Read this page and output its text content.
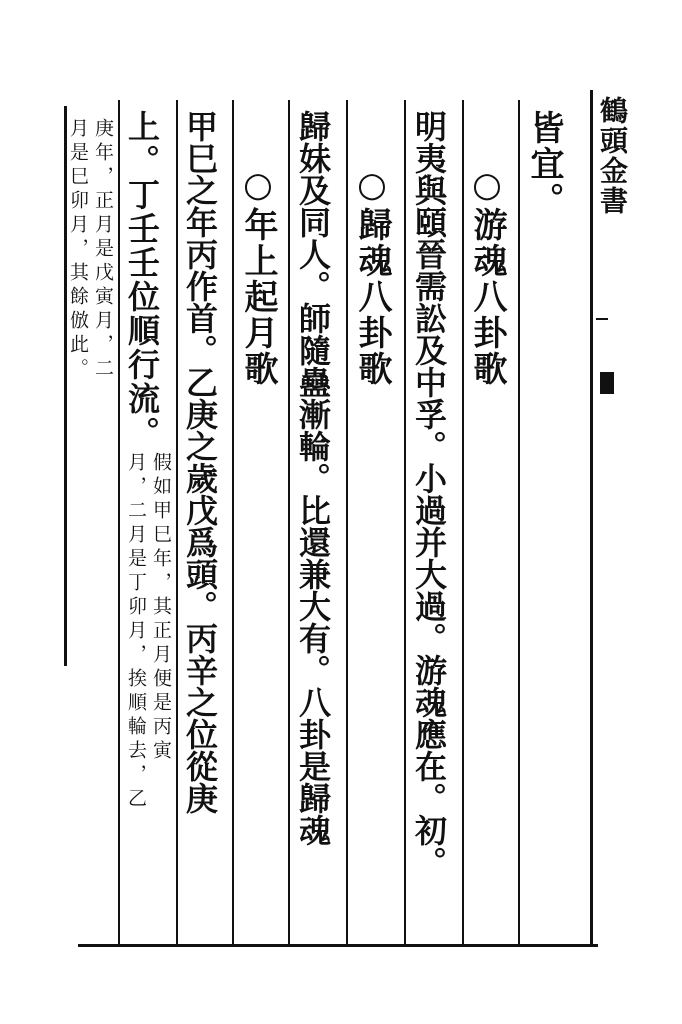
鶴頭金書
皆宜。
○游魂八卦歌
明夷與頤晉需訟及中孚。小過并大過。游魂應在。初。
○歸魂八卦歌
歸妹及同人。師隨蠱漸輪。比還兼大有。八卦是歸魂
○年上起月歌
甲巳之年丙作首。乙庚之歲戊爲頭。丙辛之位從庚
上。丁壬壬位順行流。
假如甲巳年，其正月便是丙寅
月，二月是丁卯月，挨順輪去，乙
庚年，正月是戊寅月，二
月是巳卯月，其餘倣此。
